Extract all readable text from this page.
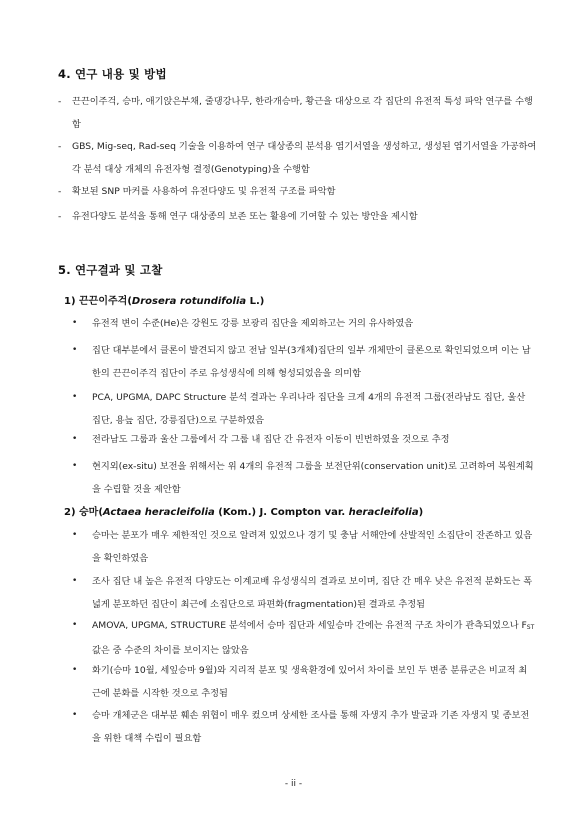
4. 연구 내용 및 방법
- 끈끈이주걱, 승마, 애기앉은부채, 줄댕강나무, 한라개승마, 황근을 대상으로 각 집단의 유전적 특성 파악 연구를 수행함
- GBS, Mig-seq, Rad-seq 기술을 이용하여 연구 대상종의 분석용 염기서열을 생성하고, 생성된 염기서열을 가공하여 각 분석 대상 개체의 유전자형 결정(Genotyping)을 수행함
- 확보된 SNP 마커를 사용하여 유전다양도 및 유전적 구조를 파악함
- 유전다양도 분석을 통해 연구 대상종의 보존 또는 활용에 기여할 수 있는 방안을 제시함
5. 연구결과 및 고찰
1) 끈끈이주걱(Drosera rotundifolia L.)
• 유전적 변이 수준(He)은 강원도 강릉 보광리 집단을 제외하고는 거의 유사하였음
• 집단 대부분에서 클론이 발견되지 않고 전남 일부(3개체)집단의 일부 개체만이 클론으로 확인되었으며 이는 남한의 끈끈이주걱 집단이 주로 유성생식에 의해 형성되었음을 의미함
• PCA, UPGMA, DAPC Structure 분석 결과는 우리나라 집단을 크게 4개의 유전적 그룹(전라남도 집단, 울산 집단, 용늪 집단, 강릉집단)으로 구분하였음
• 전라남도 그룹과 울산 그룹에서 각 그룹 내 집단 간 유전자 이동이 빈번하였을 것으로 추정
• 현지외(ex-situ) 보전을 위해서는 위 4개의 유전적 그룹을 보전단위(conservation unit)로 고려하여 복원계획을 수립할 것을 제안함
2) 승마(Actaea heracleifolia (Kom.) J. Compton var. heracleifolia)
• 승마는 분포가 매우 제한적인 것으로 알려져 있었으나 경기 및 충남 서해안에 산발적인 소집단이 잔존하고 있음을 확인하였음
• 조사 집단 내 높은 유전적 다양도는 이계교배 유성생식의 결과로 보이며, 집단 간 매우 낮은 유전적 분화도는 폭넓게 분포하던 집단이 최근에 소집단으로 파편화(fragmentation)된 결과로 추정됨
• AMOVA, UPGMA, STRUCTURE 분석에서 승마 집단과 세잎승마 간에는 유전적 구조 차이가 관측되었으나 $F_{ST}$값은 중 수준의 차이를 보이지는 않았음
• 화기(승마 10월, 세잎승마 9월)와 지리적 분포 및 생육환경에 있어서 차이를 보인 두 변종 분류군은 비교적 최근에 분화를 시작한 것으로 추정됨
• 승마 개체군은 대부분 훼손 위협이 매우 컸으며 상세한 조사를 통해 자생지 추가 발굴과 기존 자생지 및 종보전을 위한 대책 수립이 필요함
- ii -
